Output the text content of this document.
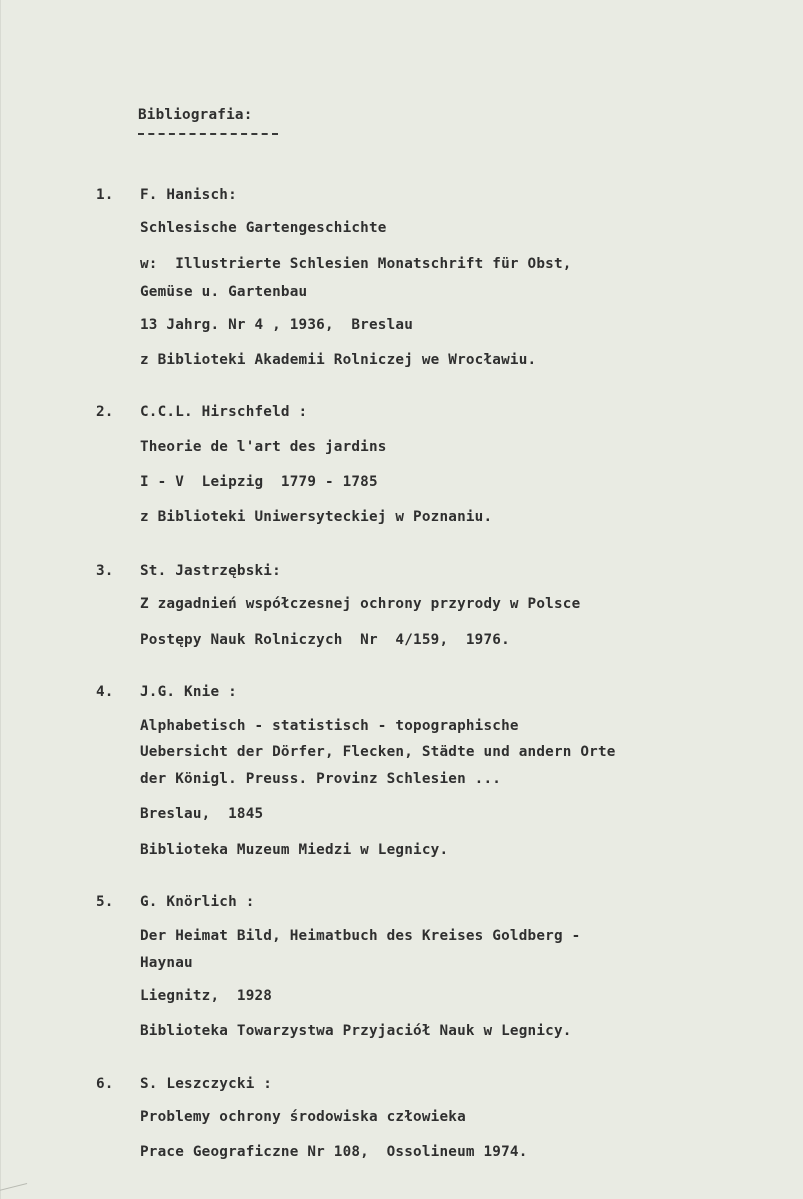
Bibliografia:
1. F. Hanisch:
Schlesische Gartengeschichte
w:  Illustrierte Schlesien Monatschrift für Obst,
Gemüse u. Gartenbau
13 Jahrg. Nr 4 , 1936,  Breslau
z Biblioteki Akademii Rolniczej we Wrocławiu.
2. C.C.L. Hirschfeld :
Theorie de l'art des jardins
I - V  Leipzig  1779 - 1785
z Biblioteki Uniwersyteckiej w Poznaniu.
3. St. Jastrzębski:
Z zagadnień współczesnej ochrony przyrody w Polsce
Postępy Nauk Rolniczych  Nr  4/159,  1976.
4. J.G. Knie :
Alphabetisch - statistisch - topographische
Uebersicht der Dörfer, Flecken, Städte und andern Orte
der Königl. Preuss. Provinz Schlesien ...
Breslau,  1845
Biblioteka Muzeum Miedzi w Legnicy.
5. G. Knörlich :
Der Heimat Bild, Heimatbuch des Kreises Goldberg -
Haynau
Liegnitz,  1928
Biblioteka Towarzystwa Przyjaciół Nauk w Legnicy.
6. S. Leszczycki :
Problemy ochrony środowiska człowieka
Prace Geograficzne Nr 108,  Ossolineum 1974.
